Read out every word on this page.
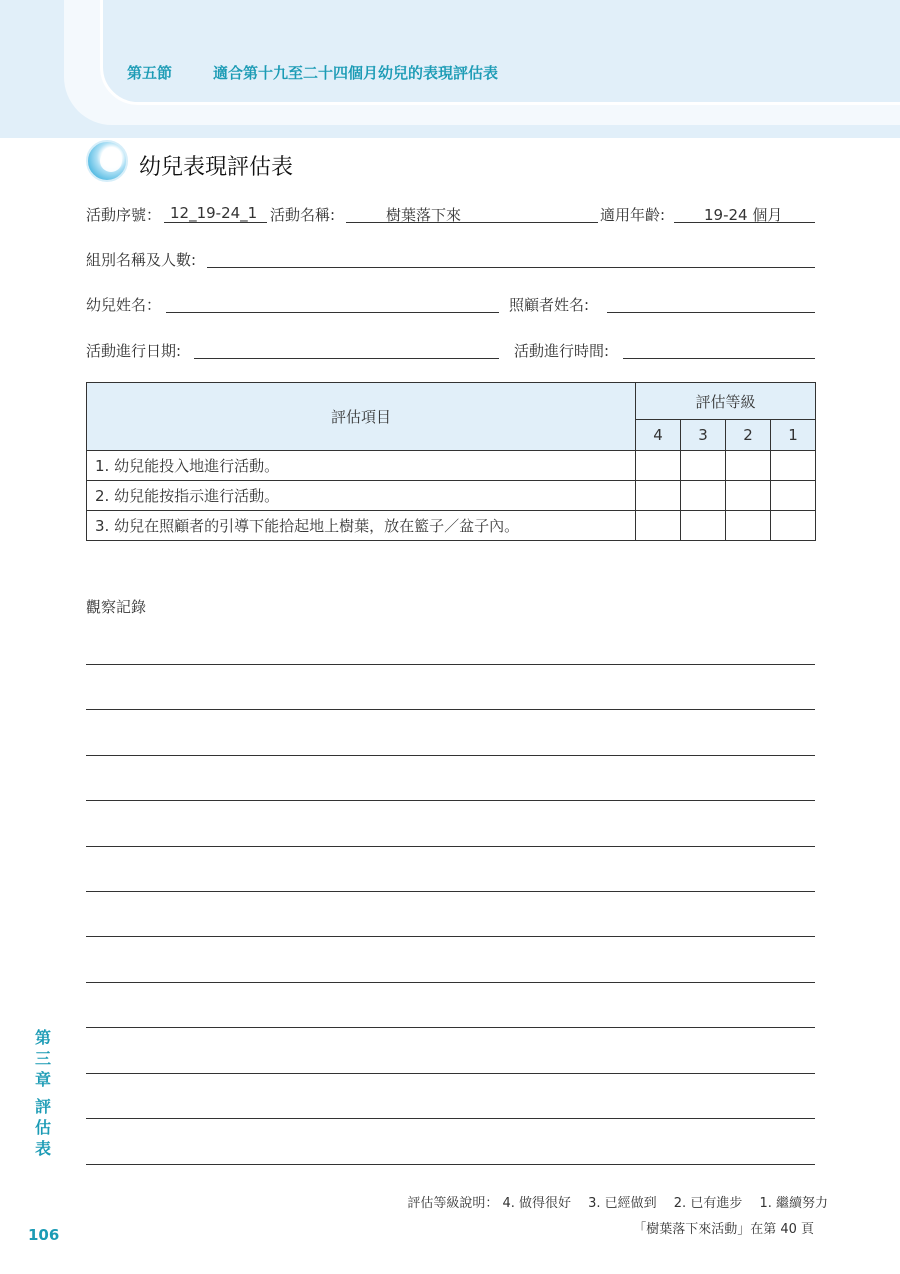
第五節	適合第十九至二十四個月幼兒的表現評估表
幼兒表現評估表
活動序號： 12_19-24_1 活動名稱:	樹葉落下來	適用年齡:	19-24 個月
組別名稱及人數:
幼兒姓名：	照顧者姓名:
活動進行日期:	活動進行時間:
評估項目	評估等級			
	4	3	2	1
1. 幼兒能投入地進行活動。				
2. 幼兒能按指示進行活動。				
3. 幼兒在照顧者的引導下能拾起地上樹葉，放在籃子／盆子內。				
觀察記錄
第
三
章
評
估
表
評估等級說明： 4. 做得很好　 3. 已經做到　 2. 已有進步　 1. 繼續努力
「樹葉落下來活動」在第 40 頁
106
